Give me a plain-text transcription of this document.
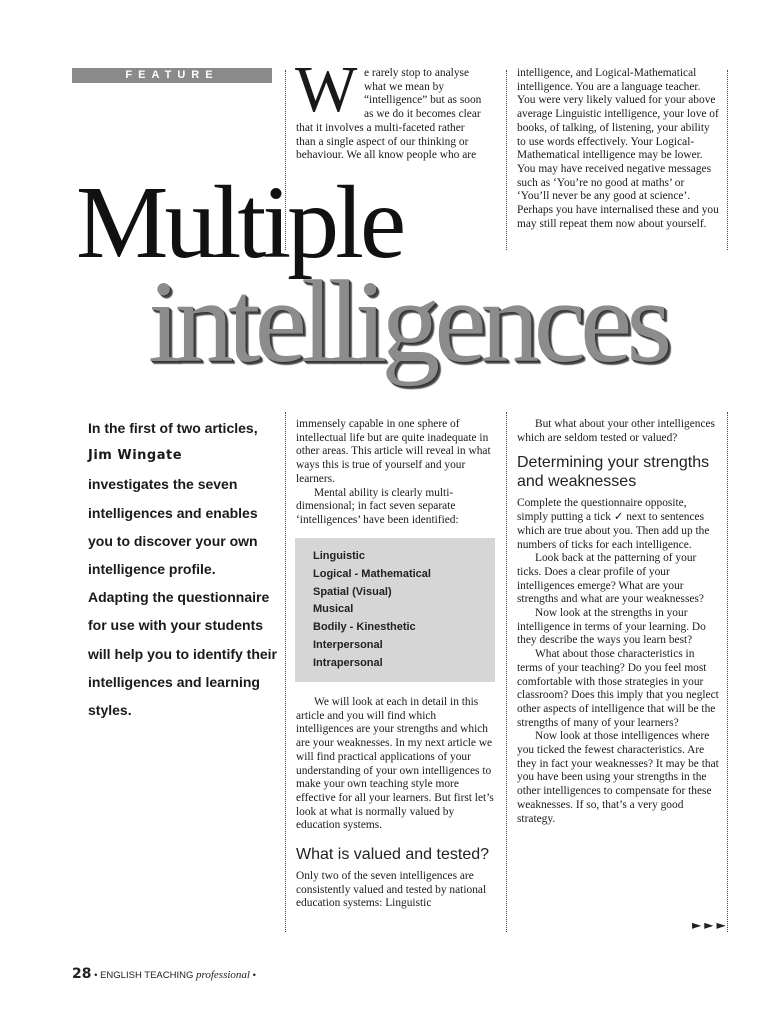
FEATURE	W e rarely stop to analyse
what we mean by
“intelligence” but as soon
as we do it becomes clear
that it involves a multi-faceted rather
than a single aspect of our thinking or
behaviour. We all know people who are

intelligence, and Logical-Mathematical intelligence. You are a language teacher. You were very likely valued for your above average Linguistic intelligence, your love of books, of talking, of listening, your ability to use words effectively. Your Logical-Mathematical intelligence may be lower. You may have received negative messages such as ‘You’re no good at maths’ or ‘You’ll never be any good at science’. Perhaps you have internalised these and you may still repeat them now about yourself.

Multiple
intelligences
In the first of two articles,
Jim Wingate
investigates the seven intelligences and enables you to discover your own intelligence profile. Adapting the questionnaire for use with your students will help you to identify their intelligences and learning styles.

immensely capable in one sphere of intellectual life but are quite inadequate in other areas. This article will reveal in what ways this is true of yourself and your learners.

Mental ability is clearly multi-dimensional; in fact seven separate ‘intelligences’ have been identified:

Linguistic
Logical - Mathematical
Spatial (Visual)
Musical
Bodily - Kinesthetic
Interpersonal
Intrapersonal

We will look at each in detail in this article and you will find which intelligences are your strengths and which are your weaknesses. In my next article we will find practical applications of your understanding of your own intelligences to make your own teaching style more effective for all your learners. But first let’s look at what is normally valued by education systems.

What is valued and tested?

Only two of the seven intelligences are consistently valued and tested by national education systems: Linguistic

But what about your other intelligences which are seldom tested or valued?

Determining your strengths and weaknesses

Complete the questionnaire opposite, simply putting a tick ✓ next to sentences which are true about you. Then add up the numbers of ticks for each intelligence.

Look back at the patterning of your ticks. Does a clear profile of your intelligences emerge? What are your strengths and what are your weaknesses?

Now look at the strengths in your intelligence in terms of your learning. Do they describe the ways you learn best?

What about those characteristics in terms of your teaching? Do you feel most comfortable with those strategies in your classroom? Does this imply that you neglect other aspects of intelligence that will be the strengths of many of your learners?

Now look at those intelligences where you ticked the fewest characteristics. Are they in fact your weaknesses? It may be that you have been using your strengths in the other intelligences to compensate for these weaknesses. If so, that’s a very good strategy.

►►►
28 • ENGLISH TEACHING professional •
